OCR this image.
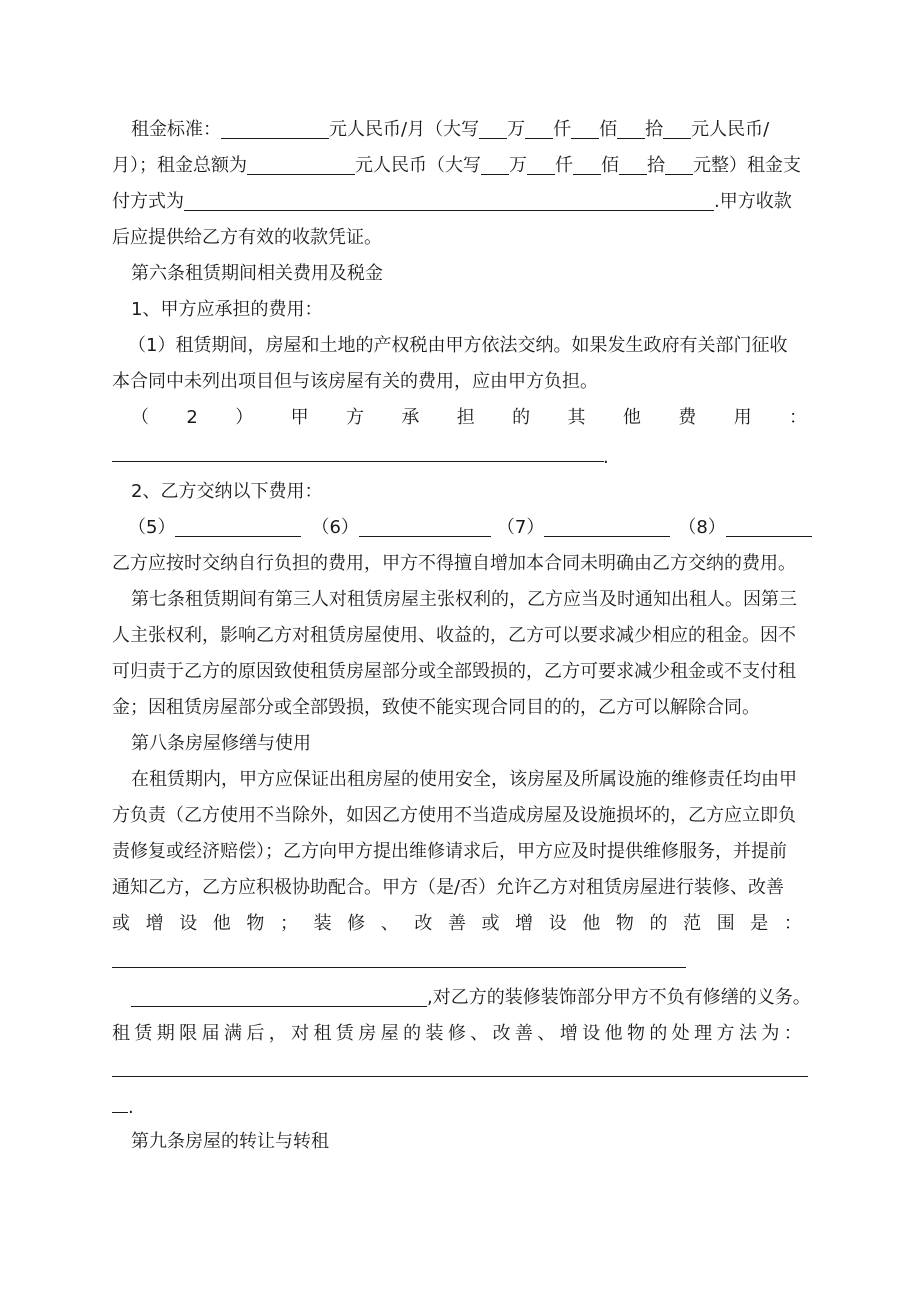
租金标准：	元人民币/月（大写 万 仟 佰 拾 元人民币/
月）；租金总额为	元人民币（大写 万 仟 佰 拾 元整）租金支
付方式为	.甲方收款
后应提供给乙方有效的收款凭证。
第六条租赁期间相关费用及税金
1、甲方应承担的费用：
（1）租赁期间，房屋和土地的产权税由甲方依法交纳。如果发生政府有关部门征收
本合同中未列出项目但与该房屋有关的费用，应由甲方负担。
（ 2 ） 甲 方 承 担 的 其 他 费 用 ：
.
2、乙方交纳以下费用：
（5）	（6）	（7）	（8）
乙方应按时交纳自行负担的费用，甲方不得擅自增加本合同未明确由乙方交纳的费用。
第七条租赁期间有第三人对租赁房屋主张权利的，乙方应当及时通知出租人。因第三
人主张权利，影响乙方对租赁房屋使用、收益的，乙方可以要求减少相应的租金。因不
可归责于乙方的原因致使租赁房屋部分或全部毁损的，乙方可要求减少租金或不支付租
金；因租赁房屋部分或全部毁损，致使不能实现合同目的的，乙方可以解除合同。
第八条房屋修缮与使用
在租赁期内，甲方应保证出租房屋的使用安全，该房屋及所属设施的维修责任均由甲
方负责（乙方使用不当除外，如因乙方使用不当造成房屋及设施损坏的，乙方应立即负
责修复或经济赔偿）；乙方向甲方提出维修请求后，甲方应及时提供维修服务，并提前
通知乙方，乙方应积极协助配合。甲方（是/否）允许乙方对租赁房屋进行装修、改善
或 增 设 他 物 ； 装 修 、 改 善 或 增 设 他 物 的 范 围 是 ：
,对乙方的装修装饰部分甲方不负有修缮的义务。
租 赁 期 限 届 满 后 ， 对 租 赁 房 屋 的 装 修 、 改 善 、 增 设 他 物 的 处 理 方 法 为 ：
.
第九条房屋的转让与转租
